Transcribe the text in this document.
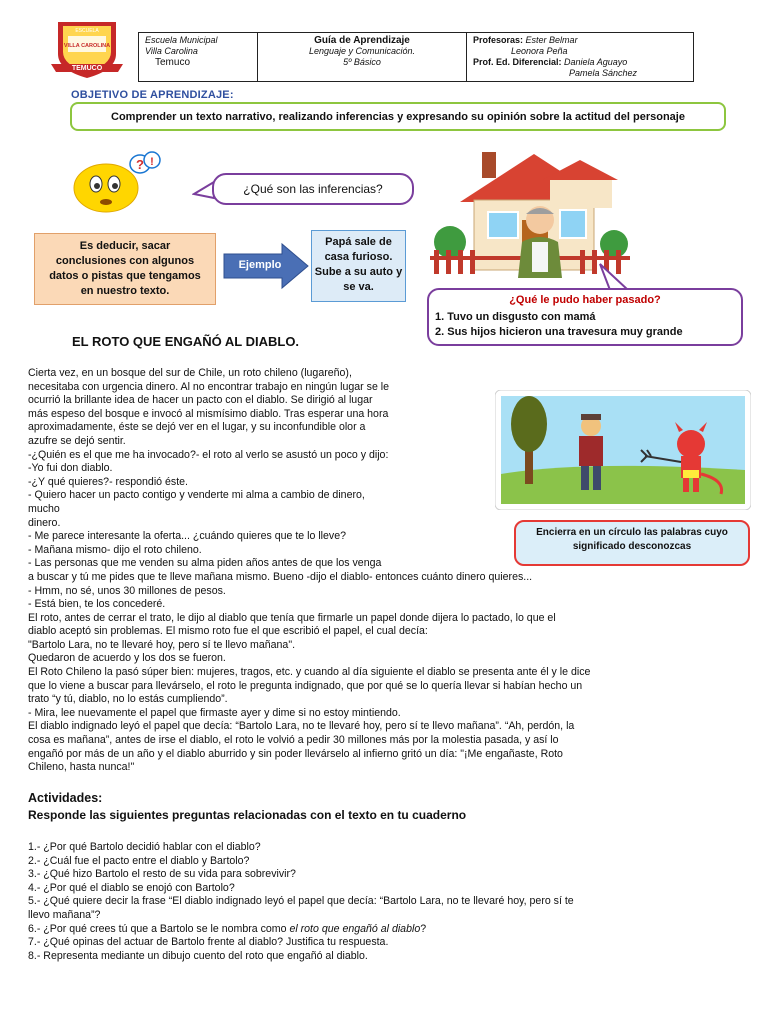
ESCUELA
VILLA CAROLINA
TEMUCO
Escuela Municipal
Villa Carolina
Temuco

Guía de Aprendizaje
Lenguaje y Comunicación.
5º Básico

Profesoras: Ester Belmar
Leonora Peña
Prof. Ed. Diferencial: Daniela Aguayo
Pamela Sánchez
OBJETIVO DE APRENDIZAJE:
Comprender un texto narrativo, realizando inferencias y expresando su opinión sobre la actitud del personaje
? !
¿Qué son las inferencias?
Es deducir, sacar conclusiones con algunos datos o pistas que tengamos en nuestro texto.
Ejemplo
Papá sale de casa furioso. Sube a su auto y se va.
¿Qué le pudo haber pasado?
1. Tuvo un disgusto con mamá
2. Sus hijos hicieron una travesura muy grande
EL ROTO QUE ENGAÑÓ AL DIABLO.

Cierta vez, en un bosque del sur de Chile, un roto chileno (lugareño),

necesitaba con urgencia dinero. Al no encontrar trabajo en ningún lugar se le

ocurrió la brillante idea de hacer un pacto con el diablo. Se dirigió al lugar

más espeso del bosque e invocó al mismísimo diablo. Tras esperar una hora

aproximadamente, éste se dejó ver en el lugar, y su inconfundible olor a

azufre se dejó sentir.

-¿Quién es el que me ha invocado?- el roto al verlo se asustó un poco y dijo:

-Yo fui don diablo.

-¿Y qué quieres?- respondió éste.

- Quiero hacer un pacto contigo y venderte mi alma a cambio de dinero,

mucho

dinero.

- Me parece interesante la oferta... ¿cuándo quieres que te lo lleve?

- Mañana mismo- dijo el roto chileno.

- Las personas que me venden su alma piden años antes de que los venga

a buscar y tú me pides que te lleve mañana mismo. Bueno -dijo el diablo- entonces cuánto dinero quieres...

- Hmm, no sé, unos 30 millones de pesos.

- Está bien, te los concederé.

El roto, antes de cerrar el trato, le dijo al diablo que tenía que firmarle un papel donde dijera lo pactado, lo que el

diablo aceptó sin problemas. El mismo roto fue el que escribió el papel, el cual decía:

"Bartolo Lara, no te llevaré hoy, pero sí te llevo mañana".

Quedaron de acuerdo y los dos se fueron.

El Roto Chileno la pasó súper bien: mujeres, tragos, etc. y cuando al día siguiente el diablo se presenta ante él y le dice

que lo viene a buscar para llevárselo, el roto le pregunta indignado, que por qué se lo quería llevar si habían hecho un

trato “y tú, diablo, no lo estás cumpliendo”.

- Mira, lee nuevamente el papel que firmaste ayer y dime si no estoy mintiendo.

El diablo indignado leyó el papel que decía: “Bartolo Lara, no te llevaré hoy, pero sí te llevo mañana”. “Ah, perdón, la

cosa es mañana”, antes de irse el diablo, el roto le volvió a pedir 30 millones más por la molestia pasada, y así lo

engañó por más de un año y el diablo aburrido y sin poder llevárselo al infierno gritó un día: "¡Me engañaste, Roto

Chileno, hasta nunca!"

Encierra en un círculo las palabras cuyo significado desconozcas
Actividades:
Responde las siguientes preguntas relacionadas con el texto en tu cuaderno
1.- ¿Por qué Bartolo decidió hablar con el diablo?
2.- ¿Cuál fue el pacto entre el diablo y Bartolo?
3.- ¿Qué hizo Bartolo el resto de su vida para sobrevivir?
4.- ¿Por qué el diablo se enojó con Bartolo?
5.- ¿Qué quiere decir la frase “El diablo indignado leyó el papel que decía: “Bartolo Lara, no te llevaré hoy, pero sí te
llevo mañana”?
6.- ¿Por qué crees tú que a Bartolo se le nombra como el roto que engañó al diablo?
7.- ¿Qué opinas del actuar de Bartolo frente al diablo? Justifica tu respuesta.
8.- Representa mediante un dibujo cuento del roto que engañó al diablo.
